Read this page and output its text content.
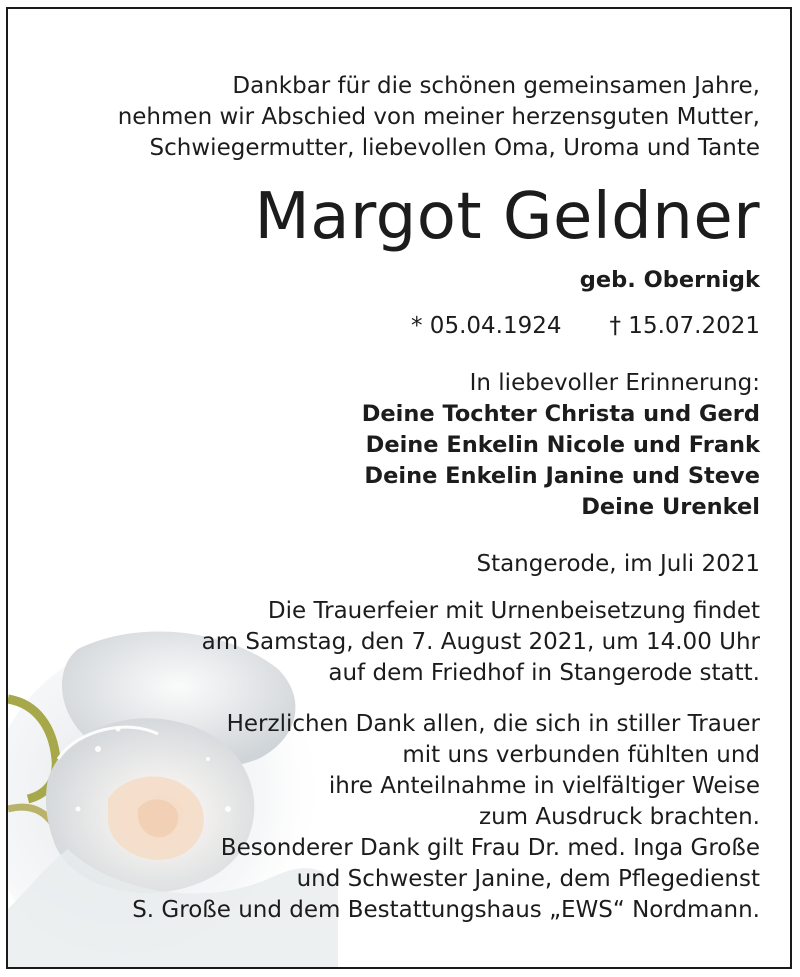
Dankbar für die schönen gemeinsamen Jahre,
nehmen wir Abschied von meiner herzensguten Mutter,
Schwiegermutter, liebevollen Oma, Uroma und Tante
Margot Geldner
geb. Obernigk
* 05.04.1924 † 15.07.2021
In liebevoller Erinnerung:
Deine Tochter Christa und Gerd
Deine Enkelin Nicole und Frank
Deine Enkelin Janine und Steve
Deine Urenkel
Stangerode, im Juli 2021
Die Trauerfeier mit Urnenbeisetzung findet
am Samstag, den 7. August 2021, um 14.00 Uhr
auf dem Friedhof in Stangerode statt.
Herzlichen Dank allen, die sich in stiller Trauer
mit uns verbunden fühlten und
ihre Anteilnahme in vielfältiger Weise
zum Ausdruck brachten.
Besonderer Dank gilt Frau Dr. med. Inga Große
und Schwester Janine, dem Pflegedienst
S. Große und dem Bestattungshaus „EWS“ Nordmann.
